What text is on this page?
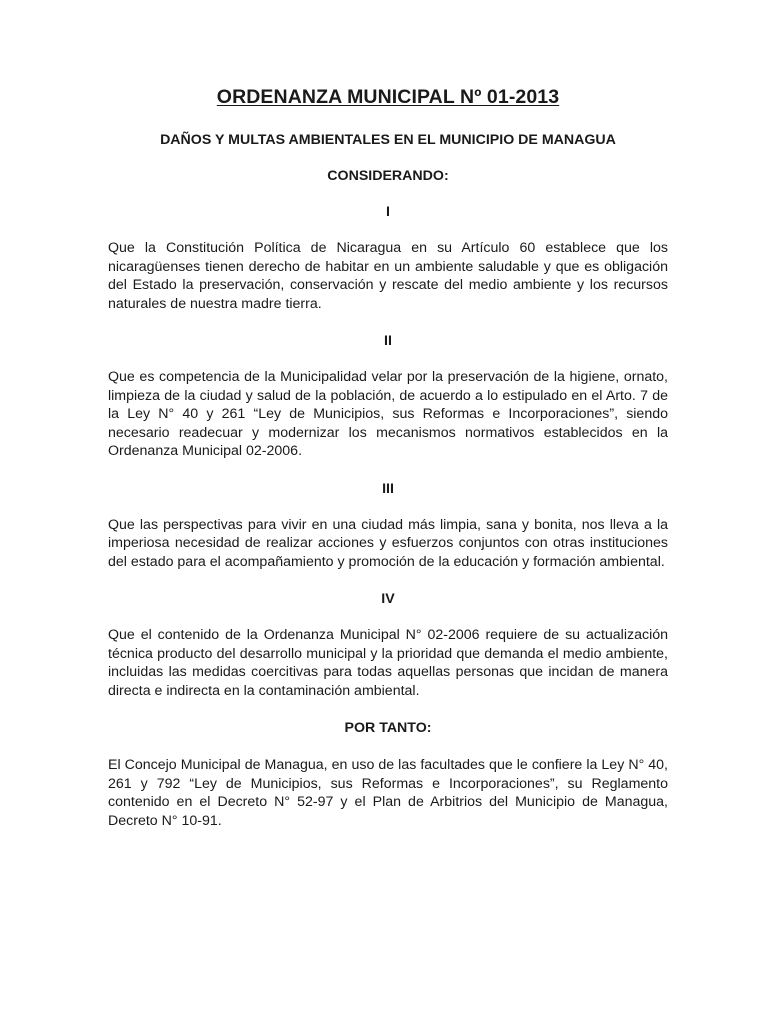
ORDENANZA MUNICIPAL Nº 01-2013
DAÑOS Y MULTAS AMBIENTALES EN EL MUNICIPIO DE MANAGUA
CONSIDERANDO:
I
Que la Constitución Política de Nicaragua en su Artículo 60 establece que los nicaragüenses tienen derecho de habitar en un ambiente saludable y que es obligación del Estado la preservación, conservación y rescate del medio ambiente y los recursos naturales de nuestra madre tierra.
II
Que es competencia de la Municipalidad velar por la preservación de la higiene, ornato, limpieza de la ciudad y salud de la población, de acuerdo a lo estipulado en el Arto. 7 de la Ley N° 40 y 261 “Ley de Municipios, sus Reformas e Incorporaciones”, siendo necesario readecuar y modernizar los mecanismos normativos establecidos en la Ordenanza Municipal 02-2006.
III
Que las perspectivas para vivir en una ciudad más limpia, sana y bonita, nos lleva a la imperiosa necesidad de realizar acciones y esfuerzos conjuntos con otras instituciones del estado para el acompañamiento y promoción de la educación y formación ambiental.
IV
Que el contenido de la Ordenanza Municipal N° 02-2006 requiere de su actualización técnica producto del desarrollo municipal y la prioridad que demanda el medio ambiente, incluidas las medidas coercitivas para todas aquellas personas que incidan de manera directa e indirecta en la contaminación ambiental.
POR TANTO:
El Concejo Municipal de Managua, en uso de las facultades que le confiere la Ley N° 40, 261 y 792 “Ley de Municipios, sus Reformas e Incorporaciones”, su Reglamento contenido en el Decreto N° 52-97 y el Plan de Arbitrios del Municipio de Managua, Decreto N° 10-91.
